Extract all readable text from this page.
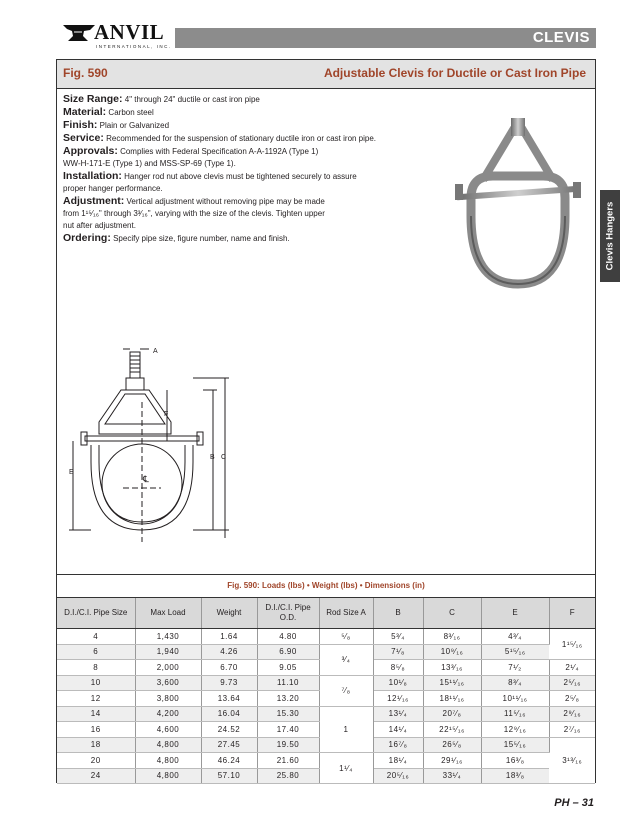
ANVIL
INTERNATIONAL, INC.
CLEVIS
Clevis Hangers
Fig. 590	Adjustable Clevis for Ductile or Cast Iron Pipe
Size Range: 4" through 24" ductile or cast iron pipe
Material: Carbon steel
Finish: Plain or Galvanized
Service: Recommended for the suspension of stationary ductile iron or cast iron pipe.
Approvals: Complies with Federal Specification A-A-1192A (Type 1)
WW-H-171-E (Type 1) and MSS-SP-69 (Type 1).
Installation: Hanger rod nut above clevis must be tightened securely to assure
proper hanger performance.
Adjustment: Vertical adjustment without removing pipe may be made
from 1¹⁵⁄₁₆" through 3³⁄₁₆", varying with the size of the clevis. Tighten upper
nut after adjustment.
Ordering: Specify pipe size, figure number, name and finish.
A
B C
E
F
℄
Fig. 590: Loads (lbs) • Weight (lbs) • Dimensions (in)
D.I./C.I. Pipe Size	Max Load	Weight	D.I./C.I. Pipe O.D.	Rod Size A	B	C	E	F
4	1,430	1.64	4.80	⁵⁄₈	5³⁄₄	8³⁄₁₆	4³⁄₄	1¹⁵⁄₁₆
6	1,940	4.26	6.90	³⁄₄	7¹⁄₈	10⁹⁄₁₆	5¹⁵⁄₁₆	
8	2,000	6.70	9.05		8⁵⁄₈	13³⁄₁₆	7¹⁄₂	2¹⁄₄
10	3,600	9.73	11.10	⁷⁄₈	10¹⁄₈	15¹¹⁄₁₆	8³⁄₄	2⁵⁄₁₆
12	3,800	13.64	13.20		12¹⁄₁₆	18¹¹⁄₁₆	10¹¹⁄₁₆	2⁵⁄₈
14	4,200	16.04	15.30	1	13¹⁄₄	20⁷⁄₈	11⁵⁄₁₆	2⁹⁄₁₆
16	4,600	24.52	17.40		14¹⁄₄	22¹⁵⁄₁₆	12⁹⁄₁₆	2⁷⁄₁₆
18	4,800	27.45	19.50		16⁷⁄₈	26⁵⁄₈	15⁵⁄₁₆	3¹³⁄₁₆
20	4,800	46.24	21.60	1¹⁄₄	18¹⁄₄	29¹⁄₁₆	16³⁄₈	
24	4,800	57.10	25.80		20⁵⁄₁₆	33¹⁄₄	18³⁄₈	
PH – 31
